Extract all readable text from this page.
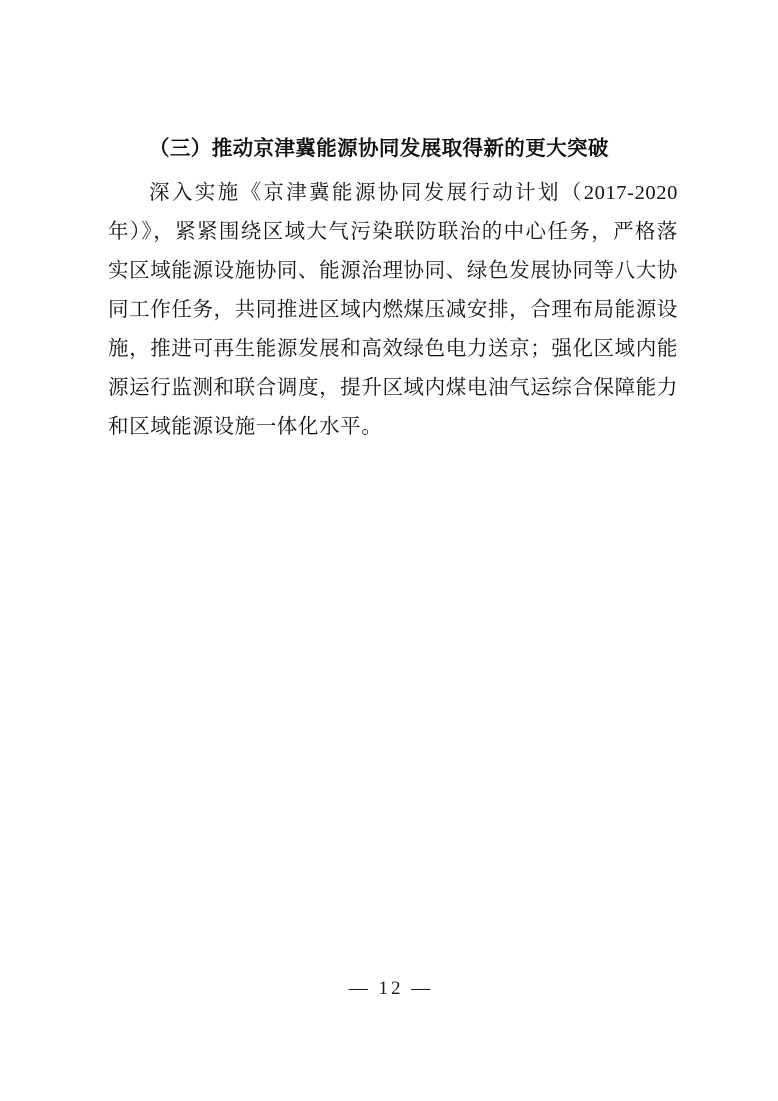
（三）推动京津冀能源协同发展取得新的更大突破

深入实施《京津冀能源协同发展行动计划（2017-2020 年）》，紧紧围绕区域大气污染联防联治的中心任务，严格落实区域能源设施协同、能源治理协同、绿色发展协同等八大协同工作任务，共同推进区域内燃煤压减安排，合理布局能源设施，推进可再生能源发展和高效绿色电力送京；强化区域内能源运行监测和联合调度，提升区域内煤电油气运综合保障能力和区域能源设施一体化水平。

— 12 —
